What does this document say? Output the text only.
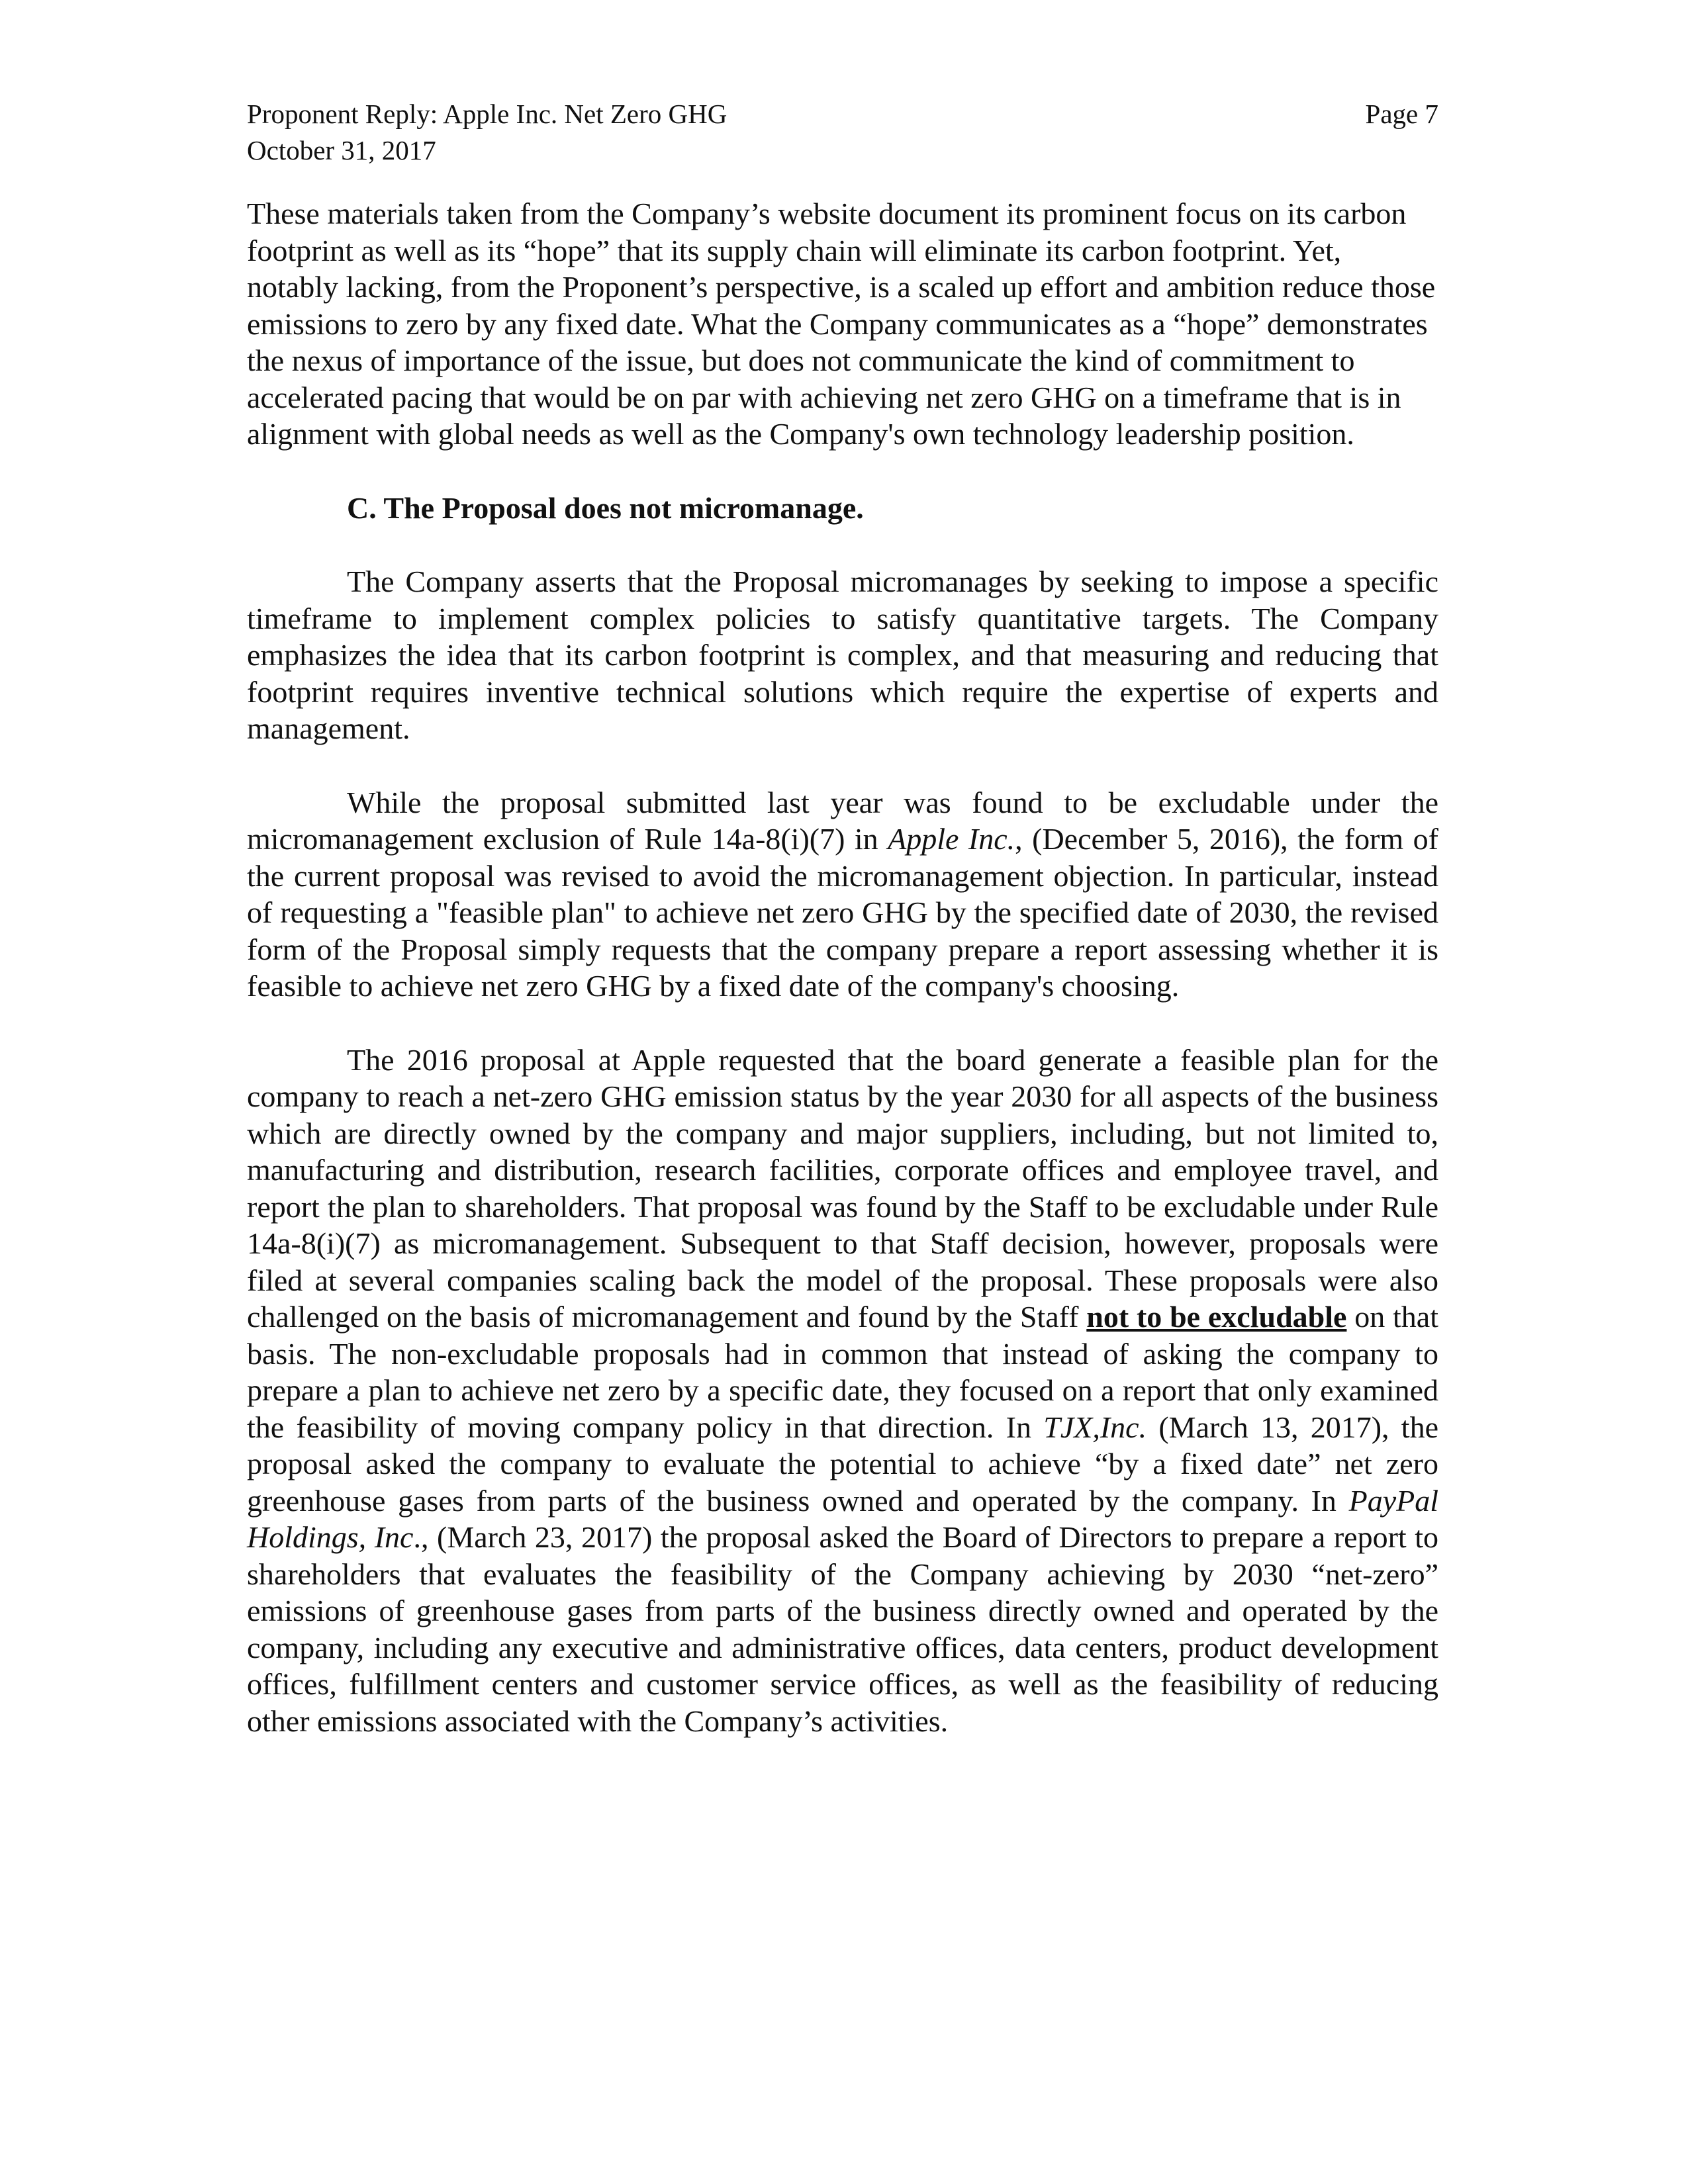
Proponent Reply: Apple Inc. Net Zero GHG
October 31, 2017
Page 7

These materials taken from the Company’s website document its prominent focus on its carbon footprint as well as its “hope” that its supply chain will eliminate its carbon footprint. Yet, notably lacking, from the Proponent’s perspective, is a scaled up effort and ambition reduce those emissions to zero by any fixed date. What the Company communicates as a “hope” demonstrates the nexus of importance of the issue, but does not communicate the kind of commitment to accelerated pacing that would be on par with achieving net zero GHG on a timeframe that is in alignment with global needs as well as the Company's own technology leadership position.

C. The Proposal does not micromanage.

The Company asserts that the Proposal micromanages by seeking to impose a specific timeframe to implement complex policies to satisfy quantitative targets. The Company emphasizes the idea that its carbon footprint is complex, and that measuring and reducing that footprint requires inventive technical solutions which require the expertise of experts and management.

While the proposal submitted last year was found to be excludable under the micromanagement exclusion of Rule 14a-8(i)(7) in Apple Inc., (December 5, 2016), the form of the current proposal was revised to avoid the micromanagement objection. In particular, instead of requesting a "feasible plan" to achieve net zero GHG by the specified date of 2030, the revised form of the Proposal simply requests that the company prepare a report assessing whether it is feasible to achieve net zero GHG by a fixed date of the company's choosing.

The 2016 proposal at Apple requested that the board generate a feasible plan for the company to reach a net-zero GHG emission status by the year 2030 for all aspects of the business which are directly owned by the company and major suppliers, including, but not limited to, manufacturing and distribution, research facilities, corporate offices and employee travel, and report the plan to shareholders. That proposal was found by the Staff to be excludable under Rule 14a-8(i)(7) as micromanagement. Subsequent to that Staff decision, however, proposals were filed at several companies scaling back the model of the proposal. These proposals were also challenged on the basis of micromanagement and found by the Staff not to be excludable on that basis. The non-excludable proposals had in common that instead of asking the company to prepare a plan to achieve net zero by a specific date, they focused on a report that only examined the feasibility of moving company policy in that direction. In TJX,Inc. (March 13, 2017), the proposal asked the company to evaluate the potential to achieve “by a fixed date” net zero greenhouse gases from parts of the business owned and operated by the company. In PayPal Holdings, Inc., (March 23, 2017) the proposal asked the Board of Directors to prepare a report to shareholders that evaluates the feasibility of the Company achieving by 2030 “net-zero” emissions of greenhouse gases from parts of the business directly owned and operated by the company, including any executive and administrative offices, data centers, product development offices, fulfillment centers and customer service offices, as well as the feasibility of reducing other emissions associated with the Company’s activities.
